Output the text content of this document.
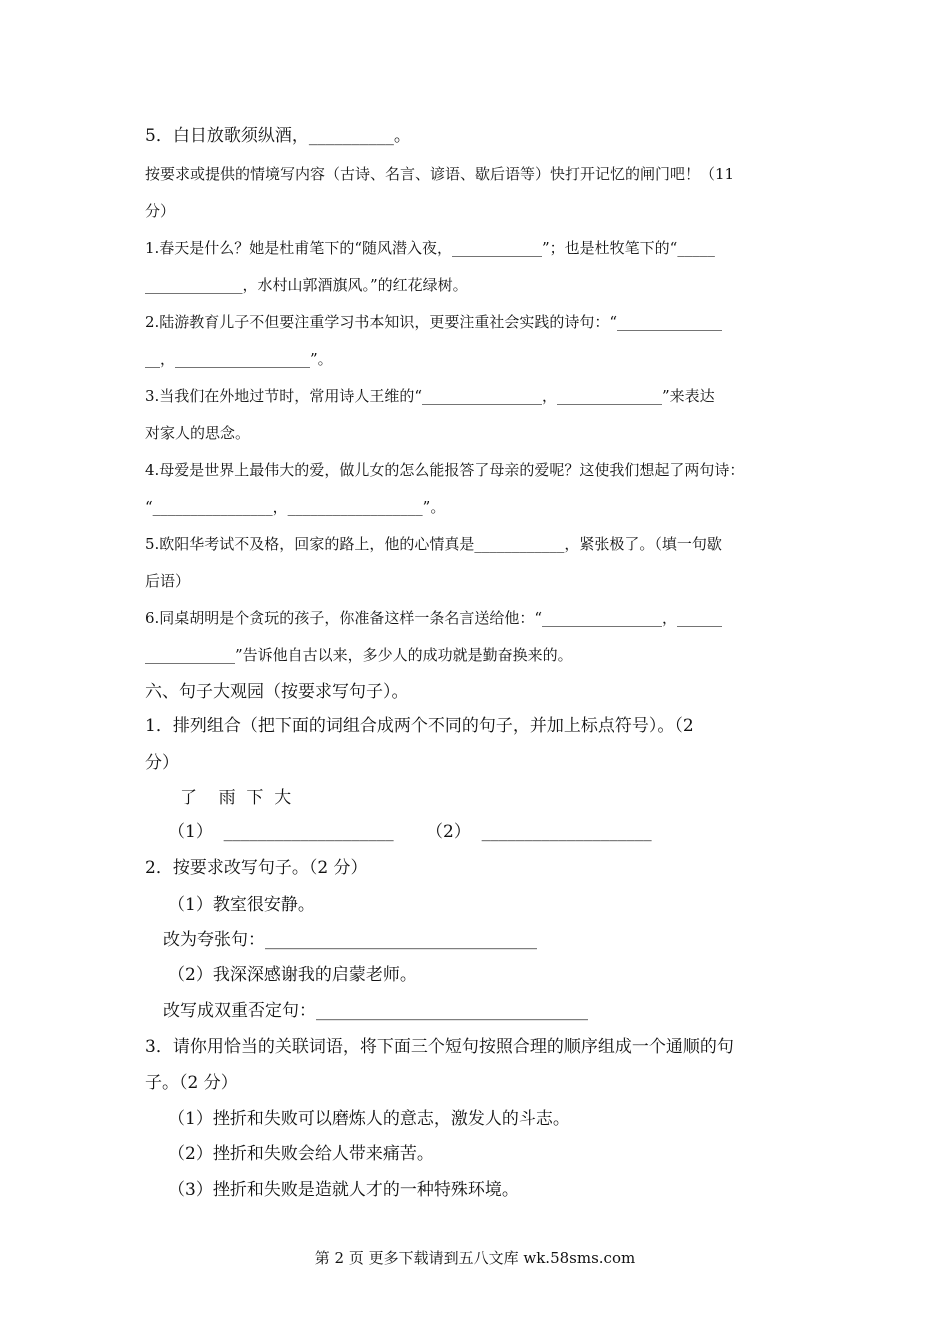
5．白日放歌须纵酒，__________。
按要求或提供的情境写内容（古诗、名言、谚语、歇后语等）快打开记忆的闸门吧！（11
分）
1.春天是什么？她是杜甫笔下的“随风潜入夜，____________”；也是杜牧笔下的“_____
_____________，水村山郭酒旗风。”的红花绿树。
2.陆游教育儿子不但要注重学习书本知识，更要注重社会实践的诗句：“______________
__，__________________”。
3.当我们在外地过节时，常用诗人王维的“________________，______________”来表达
对家人的思念。
4.母爱是世界上最伟大的爱，做儿女的怎么能报答了母亲的爱呢？这使我们想起了两句诗：
“________________，__________________”。
5.欧阳华考试不及格，回家的路上，他的心情真是____________，紧张极了。（填一句歇
后语）
6.同桌胡明是个贪玩的孩子，你准备这样一条名言送给他：“________________，______
____________”告诉他自古以来，多少人的成功就是勤奋换来的。
六、句子大观园（按要求写句子）。
1．排列组合（把下面的词组合成两个不同的句子，并加上标点符号）。（2
分）
了    雨  下  大
（1）  ____________________      （2）  ____________________
2．按要求改写句子。（2 分）
（1）教室很安静。
改为夸张句：________________________________
（2）我深深感谢我的启蒙老师。
改写成双重否定句：________________________________
3．请你用恰当的关联词语，将下面三个短句按照合理的顺序组成一个通顺的句
子。（2 分）
（1）挫折和失败可以磨炼人的意志，激发人的斗志。
（2）挫折和失败会给人带来痛苦。
（3）挫折和失败是造就人才的一种特殊环境。
第 2 页 更多下载请到五八文库 wk.58sms.com
